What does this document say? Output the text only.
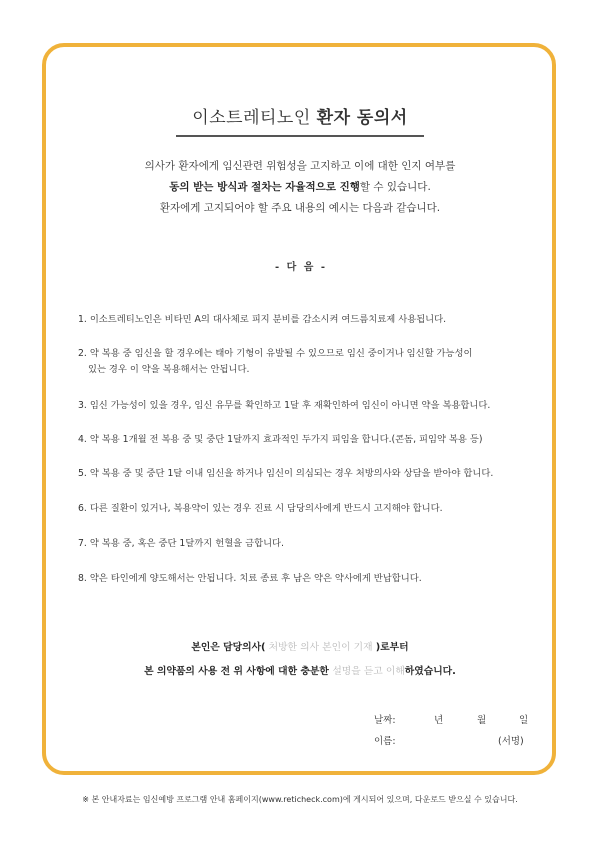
이소트레티노인 환자 동의서
의사가 환자에게 임신관련 위험성을 고지하고 이에 대한 인지 여부를
동의 받는 방식과 절차는 자율적으로 진행할 수 있습니다.
환자에게 고지되어야 할 주요 내용의 예시는 다음과 같습니다.
- 다 음 -
1. 이소트레티노인은 비타민 A의 대사체로 피지 분비를 감소시켜 여드름치료제 사용됩니다.
2. 약 복용 중 임신을 할 경우에는 태아 기형이 유발될 수 있으므로 임신 중이거나 임신할 가능성이
있는 경우 이 약을 복용해서는 안됩니다.
3. 임신 가능성이 있을 경우, 임신 유무를 확인하고 1달 후 재확인하여 임신이 아니면 약을 복용합니다.
4. 약 복용 1개월 전 복용 중 및 중단 1달까지 효과적인 두가지 피임을 합니다.(콘돔, 피임약 복용 등)
5. 약 복용 중 및 중단 1달 이내 임신을 하거나 임신이 의심되는 경우 처방의사와 상담을 받아야 합니다.
6. 다른 질환이 있거나, 복용약이 있는 경우 진료 시 담당의사에게 반드시 고지해야 합니다.
7. 약 복용 중, 혹은 중단 1달까지 헌혈을 금합니다.
8. 약은 타인에게 양도해서는 안됩니다. 치료 종료 후 남은 약은 약사에게 반납합니다.
본인은 담당의사( 처방한 의사 본인이 기재 )로부터
본 의약품의 사용 전 위 사항에 대한 충분한 설명을 듣고 이해하였습니다.
날짜:	년	월	일
이름:	(서명)
※ 본 안내자료는 임신예방 프로그램 안내 홈페이지(www.reticheck.com)에 게시되어 있으며, 다운로드 받으실 수 있습니다.
